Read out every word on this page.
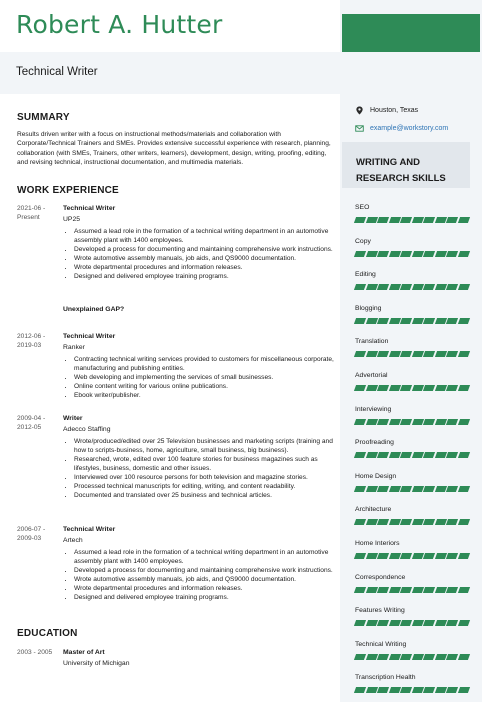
Robert A. Hutter
Technical Writer
Houston, Texas
example@workstory.com
WRITING AND RESEARCH SKILLS
SEO
Copy
Editing
Blogging
Translation
Advertorial
Interviewing
Proofreading
Home Design
Architecture
Home Interiors
Correspondence
Features Writing
Technical Writing
Transcription Health
SUMMARY
Results driven writer with a focus on instructional methods/materials and collaboration with Corporate/Technical Trainers and SMEs. Provides extensive successful experience with research, planning, collaboration (with SMEs, Trainers, other writers, learners), development, design, writing, proofing, editing, and revising technical, instructional documentation, and multimedia materials.
WORK EXPERIENCE
2021-06 -
Present
Technical Writer
UP25
• Assumed a lead role in the formation of a technical writing department in an automotive assembly plant with 1400 employees.
• Developed a process for documenting and maintaining comprehensive work instructions.
• Wrote automotive assembly manuals, job aids, and QS9000 documentation.
• Wrote departmental procedures and information releases.
• Designed and delivered employee training programs.
Unexplained GAP?
2012-06 -
2019-03
Technical Writer
Ranker
• Contracting technical writing services provided to customers for miscellaneous corporate, manufacturing and publishing entities.
• Web developing and implementing the services of small businesses.
• Online content writing for various online publications.
• Ebook writer/publisher.
2009-04 -
2012-05
Writer
Adecco Staffing
• Wrote/produced/edited over 25 Television businesses and marketing scripts (training and how to scripts-business, home, agriculture, small business, big business).
• Researched, wrote, edited over 100 feature stories for business magazines such as lifestyles, business, domestic and other issues.
• Interviewed over 100 resource persons for both television and magazine stories.
• Processed technical manuscripts for editing, writing, and content readability.
• Documented and translated over 25 business and technical articles.
2006-07 -
2009-03
Technical Writer
Artech
• Assumed a lead role in the formation of a technical writing department in an automotive assembly plant with 1400 employees.
• Developed a process for documenting and maintaining comprehensive work instructions.
• Wrote automotive assembly manuals, job aids, and QS9000 documentation.
• Wrote departmental procedures and information releases.
• Designed and delivered employee training programs.
EDUCATION
2003 - 2005	Master of Art
University of Michigan
